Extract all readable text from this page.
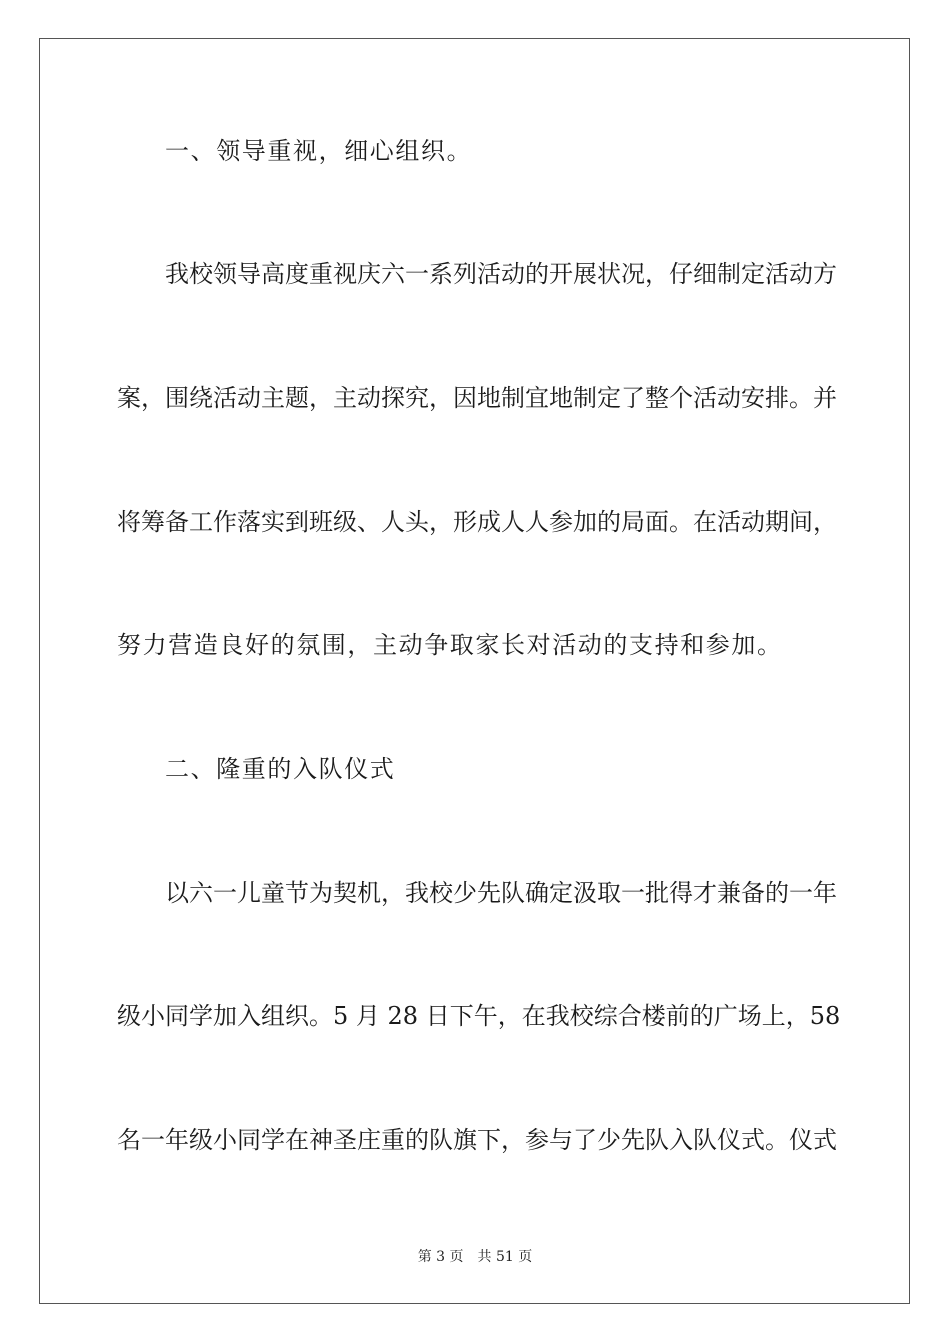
一、领导重视，细心组织。
我校领导高度重视庆六一系列活动的开展状况，仔细制定活动方
案，围绕活动主题，主动探究，因地制宜地制定了整个活动安排。并
将筹备工作落实到班级、人头，形成人人参加的局面。在活动期间，
努力营造良好的氛围，主动争取家长对活动的支持和参加。
二、隆重的入队仪式
以六一儿童节为契机，我校少先队确定汲取一批得才兼备的一年
级小同学加入组织。5 月 28 日下午，在我校综合楼前的广场上，58
名一年级小同学在神圣庄重的队旗下，参与了少先队入队仪式。仪式
第 3 页 共 51 页
